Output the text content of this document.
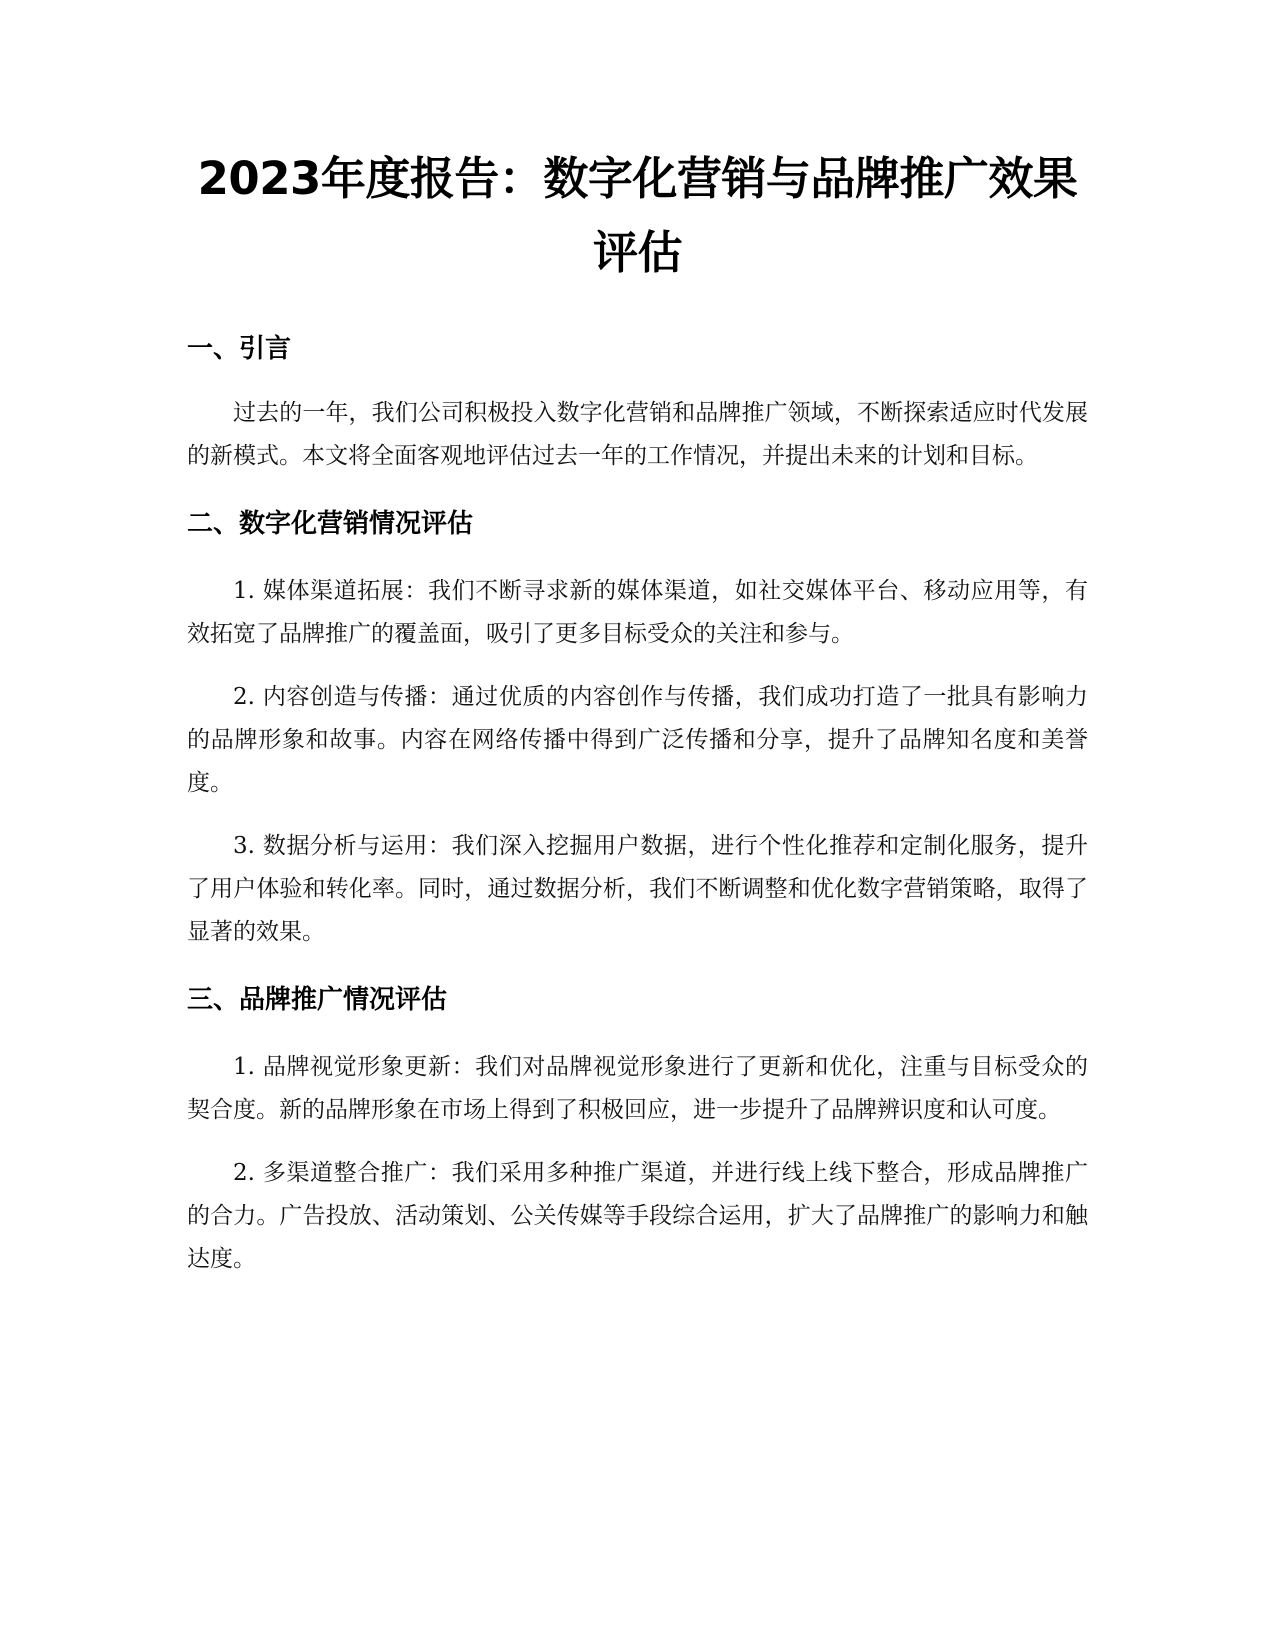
2023年度报告：数字化营销与品牌推广效果评估
一、引言

过去的一年，我们公司积极投入数字化营销和品牌推广领域，不断探索适应时代发展的新模式。本文将全面客观地评估过去一年的工作情况，并提出未来的计划和目标。

二、数字化营销情况评估

1. 媒体渠道拓展：我们不断寻求新的媒体渠道，如社交媒体平台、移动应用等，有效拓宽了品牌推广的覆盖面，吸引了更多目标受众的关注和参与。

2. 内容创造与传播：通过优质的内容创作与传播，我们成功打造了一批具有影响力的品牌形象和故事。内容在网络传播中得到广泛传播和分享，提升了品牌知名度和美誉度。

3. 数据分析与运用：我们深入挖掘用户数据，进行个性化推荐和定制化服务，提升了用户体验和转化率。同时，通过数据分析，我们不断调整和优化数字营销策略，取得了显著的效果。

三、品牌推广情况评估

1. 品牌视觉形象更新：我们对品牌视觉形象进行了更新和优化，注重与目标受众的契合度。新的品牌形象在市场上得到了积极回应，进一步提升了品牌辨识度和认可度。

2. 多渠道整合推广：我们采用多种推广渠道，并进行线上线下整合，形成品牌推广的合力。广告投放、活动策划、公关传媒等手段综合运用，扩大了品牌推广的影响力和触达度。
